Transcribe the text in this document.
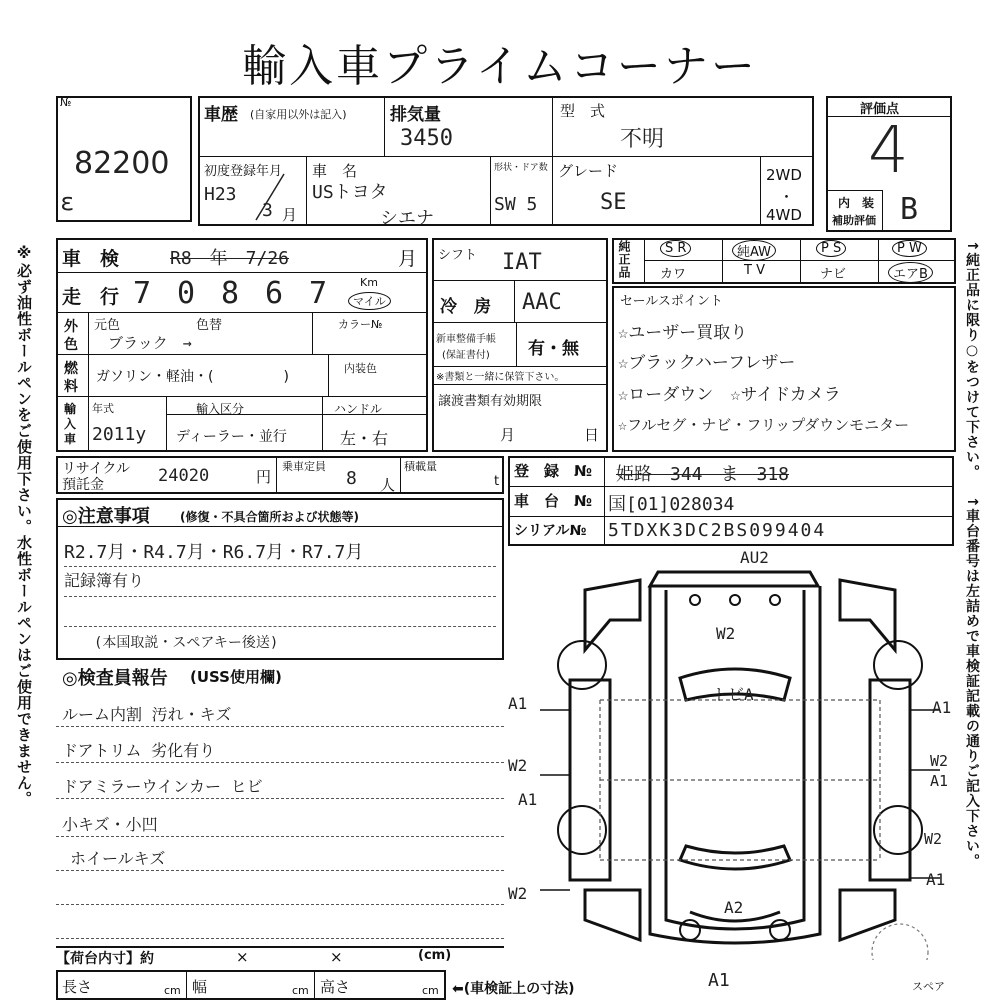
輸入車プライムコーナー
№
82200
ε
車歴 (自家用以外は記入)	排気量
3450
型　式
不明
初度登録年月
H23
3 月
車　名
USトヨタ
シエナ
形状・ドア数
SW 5
グレード
SE
2WD
・
4WD
評価点
4
内　装
補助評価 B
※必ず油性ボールペンをご使用下さい。水性ボールペンはご使用できません。 車　検	R8　年　7/26	月
走　行 7 0 8 6 7	Km
マイル
外
色
元色	色替
ブラック　→
カラー№
燃
料
ガソリン・軽油・(　　　　　)
内装色
輸
入
車
年式
2011y
輸入区分
ディーラー・並行
ハンドル
左・右
シフト IAT
冷　房 AAC
新車整備手帳
(保証書付) 有・無
※書類と一緒に保管下さい。
譲渡書類有効期限
月	日
純正品	S R	純AW	P S	P W
カワ	T V	ナビ	エアB
セールスポイント
☆ユーザー買取り
☆ブラックハーフレザー
☆ローダウン　☆サイドカメラ
☆フルセグ・ナビ・フリップダウンモニター	↑純正品に限り○をつけて下さい。
↑車台番号は左詰めで車検証記載の通りご記入下さい。
リサイクル
預託金	24020	円
乗車定員
8 人
積載量
t
登　録　№ 姫路　344　ま　318
車　台　№ 国[01]028034
シリアル№ 5TDXK3DC2BS099404
◎注意事項	(修復・不具合箇所および状態等)
R2.7月・R4.7月・R6.7月・R7.7月
記録簿有り
(本国取説・スペアキー後送)
◎検査員報告 (USS使用欄)
ルーム内割 汚れ・キズ
ドアトリム 劣化有り
ドアミラーウインカー ヒビ
小キズ・小凹
ホイールキズ
AU2
W2
トビA
A1
W2
A1
A1
W2
A1
W2
A1
W2
A2
A1	スペア
【荷台内寸】約	×	×	(cm)
長さ	cm 幅	cm 高さ	cm ⬅(車検証上の寸法)
